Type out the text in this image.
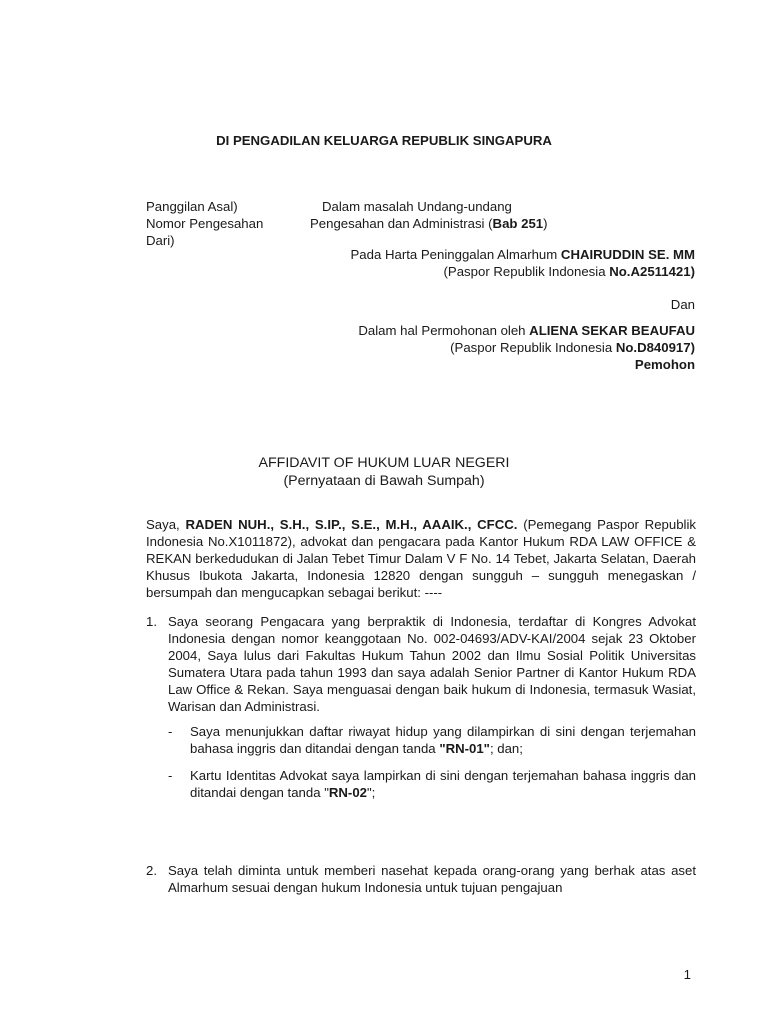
DI PENGADILAN KELUARGA REPUBLIK SINGAPURA
Panggilan Asal)
Nomor Pengesahan
Dari)
Dalam masalah Undang-undang
Pengesahan dan Administrasi (Bab 251)
Pada Harta Peninggalan Almarhum CHAIRUDDIN SE. MM
(Paspor Republik Indonesia No.A2511421)
Dan
Dalam hal Permohonan oleh ALIENA SEKAR BEAUFAU
(Paspor Republik Indonesia No.D840917)
Pemohon
AFFIDAVIT OF HUKUM LUAR NEGERI
(Pernyataan di Bawah Sumpah)
Saya, RADEN NUH., S.H., S.IP., S.E., M.H., AAAIK., CFCC. (Pemegang Paspor Republik Indonesia No.X1011872), advokat dan pengacara pada Kantor Hukum RDA LAW OFFICE & REKAN berkedudukan di Jalan Tebet Timur Dalam V F No. 14 Tebet, Jakarta Selatan, Daerah Khusus Ibukota Jakarta, Indonesia 12820 dengan sungguh – sungguh menegaskan / bersumpah dan mengucapkan sebagai berikut: ----
1. Saya seorang Pengacara yang berpraktik di Indonesia, terdaftar di Kongres Advokat Indonesia dengan nomor keanggotaan No. 002-04693/ADV-KAI/2004 sejak 23 Oktober 2004, Saya lulus dari Fakultas Hukum Tahun 2002 dan Ilmu Sosial Politik Universitas Sumatera Utara pada tahun 1993 dan saya adalah Senior Partner di Kantor Hukum RDA Law Office & Rekan. Saya menguasai dengan baik hukum di Indonesia, termasuk Wasiat, Warisan dan Administrasi.
-	Saya menunjukkan daftar riwayat hidup yang dilampirkan di sini dengan terjemahan bahasa inggris dan ditandai dengan tanda "RN-01"; dan;
-	Kartu Identitas Advokat saya lampirkan di sini dengan terjemahan bahasa inggris dan ditandai dengan tanda "RN-02";
2. Saya telah diminta untuk memberi nasehat kepada orang-orang yang berhak atas aset Almarhum sesuai dengan hukum Indonesia untuk tujuan pengajuan
1
